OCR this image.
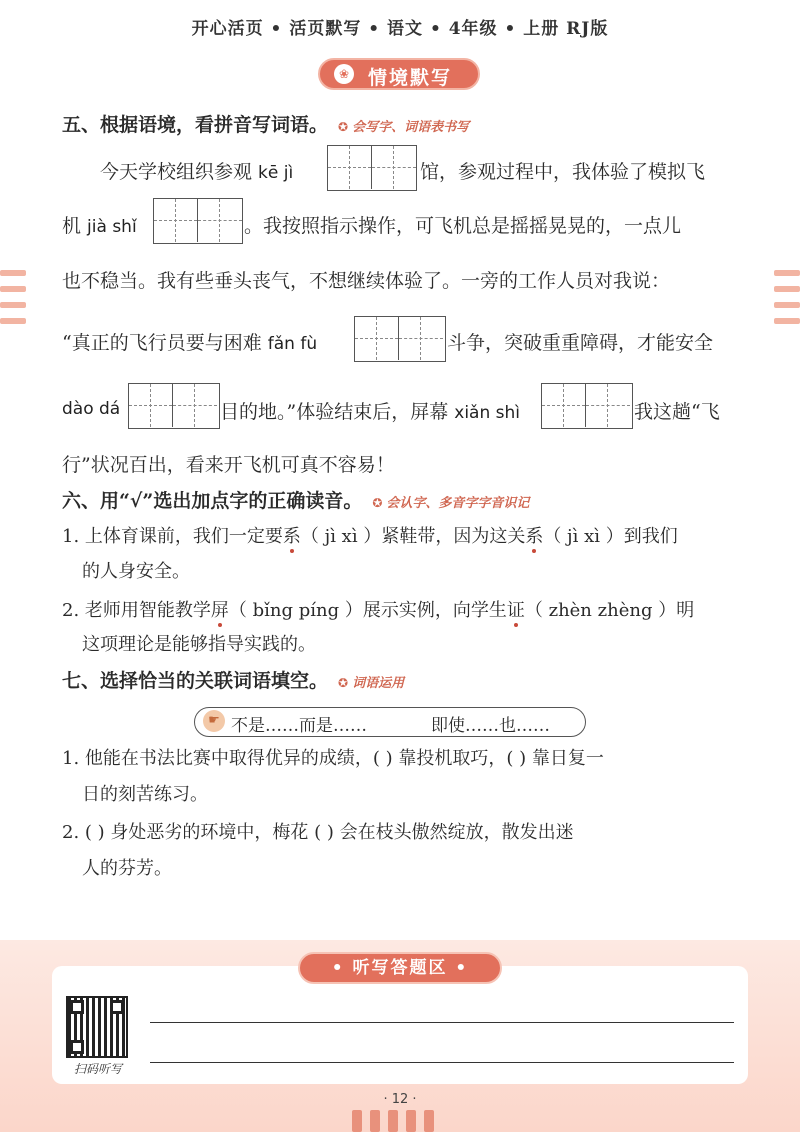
开心活页 • 活页默写 • 语文 • 4年级 • 上册 RJ版
❀ 情境默写
五、根据语境，看拼音写词语。 ✪ 会写字、词语表书写
今天学校组织参观 kē jì	馆，参观过程中，我体验了模拟飞
机 jià shǐ	。我按照指示操作，可飞机总是摇摇晃晃的，一点儿
也不稳当。我有些垂头丧气，不想继续体验了。一旁的工作人员对我说：
“真正的飞行员要与困难 fǎn fù	斗争，突破重重障碍，才能安全
dào dá	目的地。”体验结束后，屏幕 xiǎn shì	我这趟“飞
行”状况百出，看来开飞机可真不容易！
六、用“√”选出加点字的正确读音。 ✪ 会认字、多音字字音识记
1. 上体育课前，我们一定要系（ jì xì ）紧鞋带，因为这关系（ jì xì ）到我们
的人身安全。
2. 老师用智能教学屏（ bǐng píng ）展示实例，向学生证（ zhèn zhèng ）明
这项理论是能够指导实践的。
七、选择恰当的关联词语填空。 ✪ 词语运用
☛ 不是……而是……	即使……也……
1. 他能在书法比赛中取得优异的成绩，( ) 靠投机取巧，( ) 靠日复一
日的刻苦练习。
2. ( ) 身处恶劣的环境中，梅花 ( ) 会在枝头傲然绽放，散发出迷
人的芬芳。
• 听写答题区 •
扫码听写
· 12 ·
